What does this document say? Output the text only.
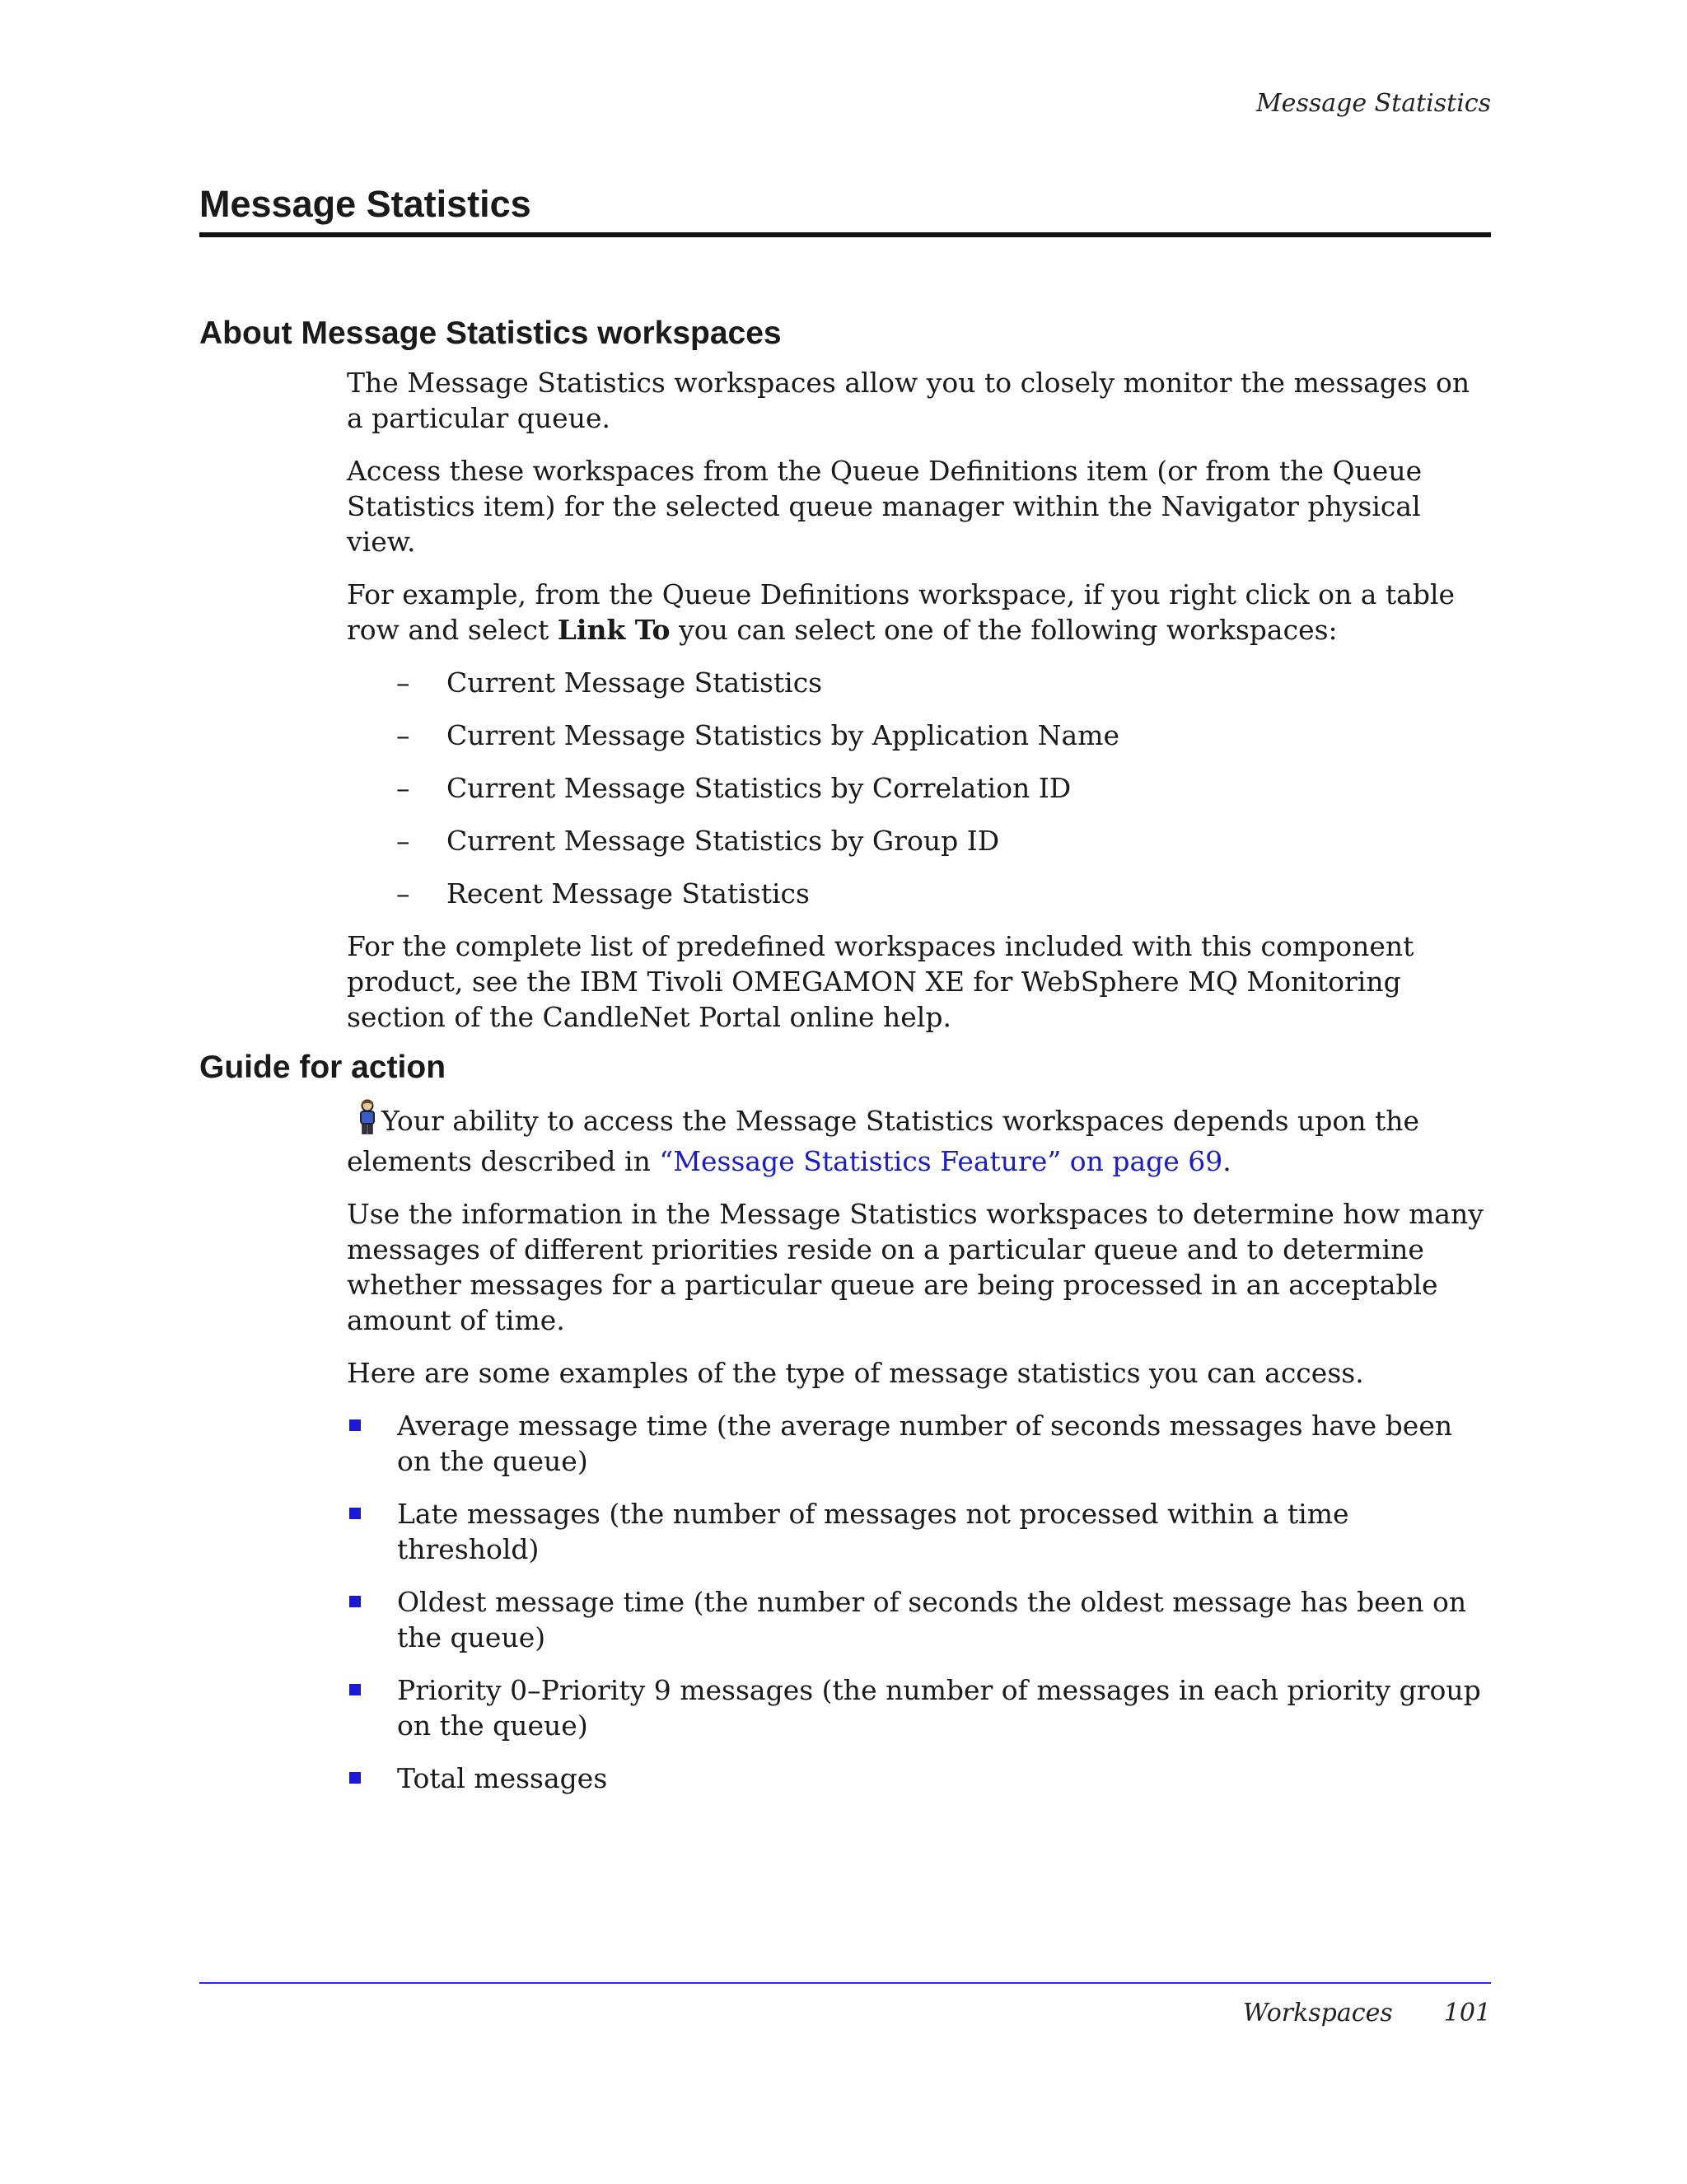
Message Statistics
Message Statistics
About Message Statistics workspaces

The Message Statistics workspaces allow you to closely monitor the messages on a particular queue.

Access these workspaces from the Queue Definitions item (or from the Queue Statistics item) for the selected queue manager within the Navigator physical view.

For example, from the Queue Definitions workspace, if you right click on a table row and select Link To you can select one of the following workspaces:

– Current Message Statistics
– Current Message Statistics by Application Name
– Current Message Statistics by Correlation ID
– Current Message Statistics by Group ID
– Recent Message Statistics

For the complete list of predefined workspaces included with this component product, see the IBM Tivoli OMEGAMON XE for WebSphere MQ Monitoring section of the CandleNet Portal online help.

Guide for action

Your ability to access the Message Statistics workspaces depends upon the elements described in “Message Statistics Feature” on page 69.

Use the information in the Message Statistics workspaces to determine how many messages of different priorities reside on a particular queue and to determine whether messages for a particular queue are being processed in an acceptable amount of time.

Here are some examples of the type of message statistics you can access.

Average message time (the average number of seconds messages have been on the queue)
Late messages (the number of messages not processed within a time threshold)
Oldest message time (the number of seconds the oldest message has been on the queue)
Priority 0–Priority 9 messages (the number of messages in each priority group on the queue)
Total messages
Workspaces 101
